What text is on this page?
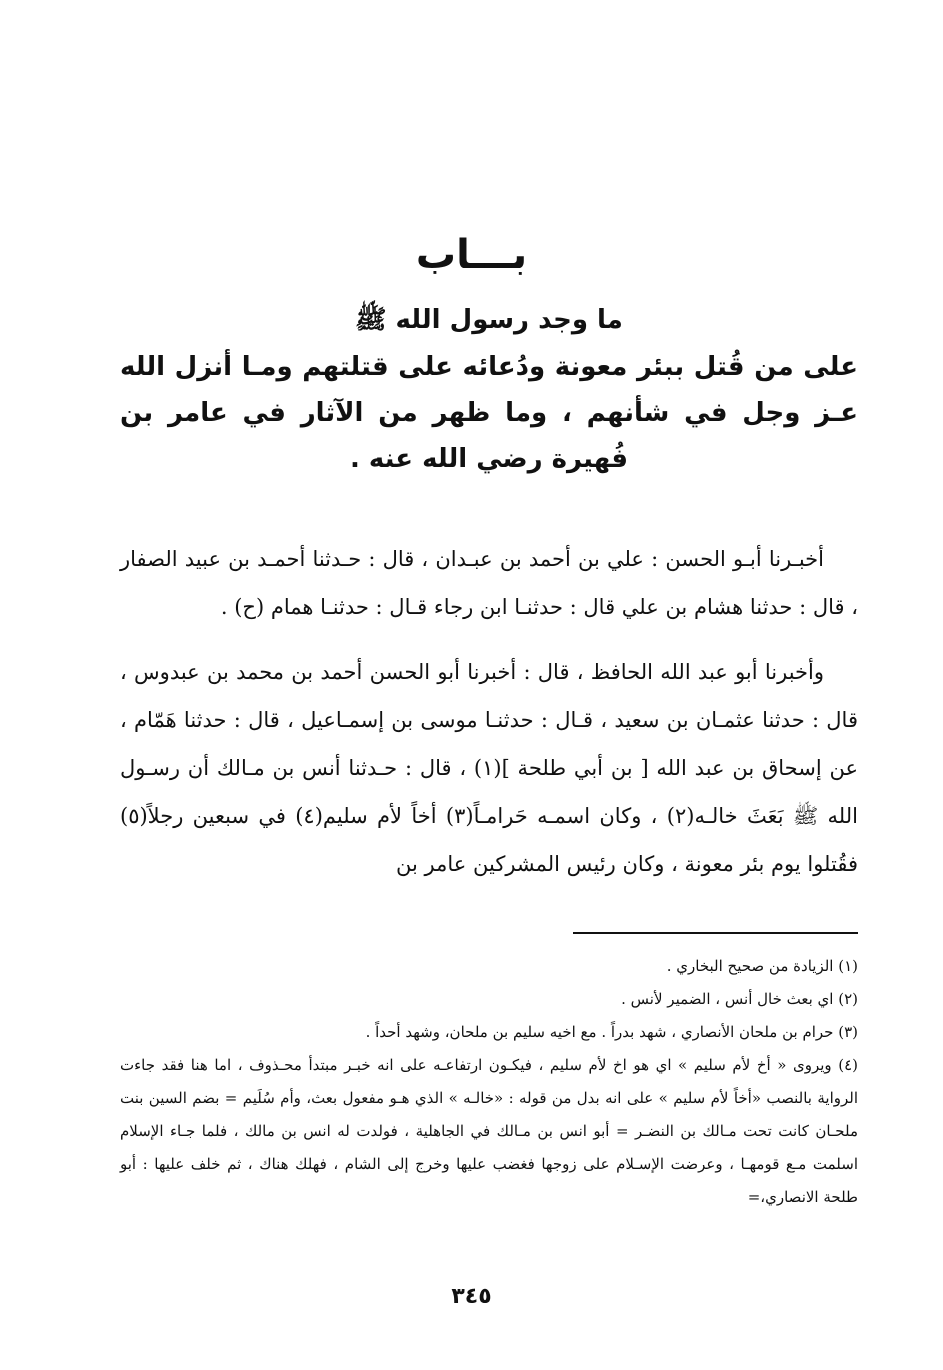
بـــاب

ما وجد رسول الله ﷺ

على من قُتل ببئر معونة ودُعائه على قتلتهم ومـا أنزل الله عـز وجل في شأنهم ، وما ظهر من الآثار في عامر بن فُهيرة رضي الله عنه .

أخبـرنا أبـو الحسن : علي بن أحمد بن عبـدان ، قال : حـدثنا أحمـد بن عبيد الصفار ، قال : حدثنا هشام بن علي قال : حدثنـا ابن رجاء قـال : حدثنـا همام (ح) .

وأخبرنا أبو عبد الله الحافظ ، قال : أخبرنا أبو الحسن أحمد بن محمد بن عبدوس ، قال : حدثنا عثمـان بن سعيد ، قـال : حدثنـا موسى بن إسمـاعيل ، قال : حدثنا هَمّام ، عن إسحاق بن عبد الله [ بن أبي طلحة ](١) ، قال : حـدثنا أنس بن مـالك أن رسـول الله ﷺ بَعَثَ خالـه(٢) ، وكان اسمـه حَرامـاً(٣) أخاً لأم سليم(٤) في سبعين رجلاً(٥) فقُتلوا يوم بئر معونة ، وكان رئيس المشركين عامر بن

(١) الزيادة من صحيح البخاري .

(٢) اي بعث خال أنس ، الضمير لأنس .

(٣) حرام بن ملحان الأنصاري ، شهد بدراً . مع اخيه سليم بن ملحان، وشهد أحداً .

(٤) ويروى « أخ لأم سليم » اي هو اخ لأم سليم ، فيكـون ارتفاعـه على انه خبـر مبتدأ محـذوف ، اما هنا فقد جاءت الرواية بالنصب «أخاً لأم سليم » على انه بدل من قوله : «خالـه » الذي هـو مفعول بعث، وأم سُلَيم = بضم السين بنت ملحـان كانت تحت مـالك بن النضـر = أبو انس بن مـالك في الجاهلية ، فولدت له انس بن مالك ، فلما جـاء الإسلام اسلمت مـع قومهـا ، وعرضت الإسـلام على زوجها فغضب عليها وخرج إلى الشام ، فهلك هناك ، ثم خلف عليها : أبو طلحة الانصاري،=

٣٤٥
